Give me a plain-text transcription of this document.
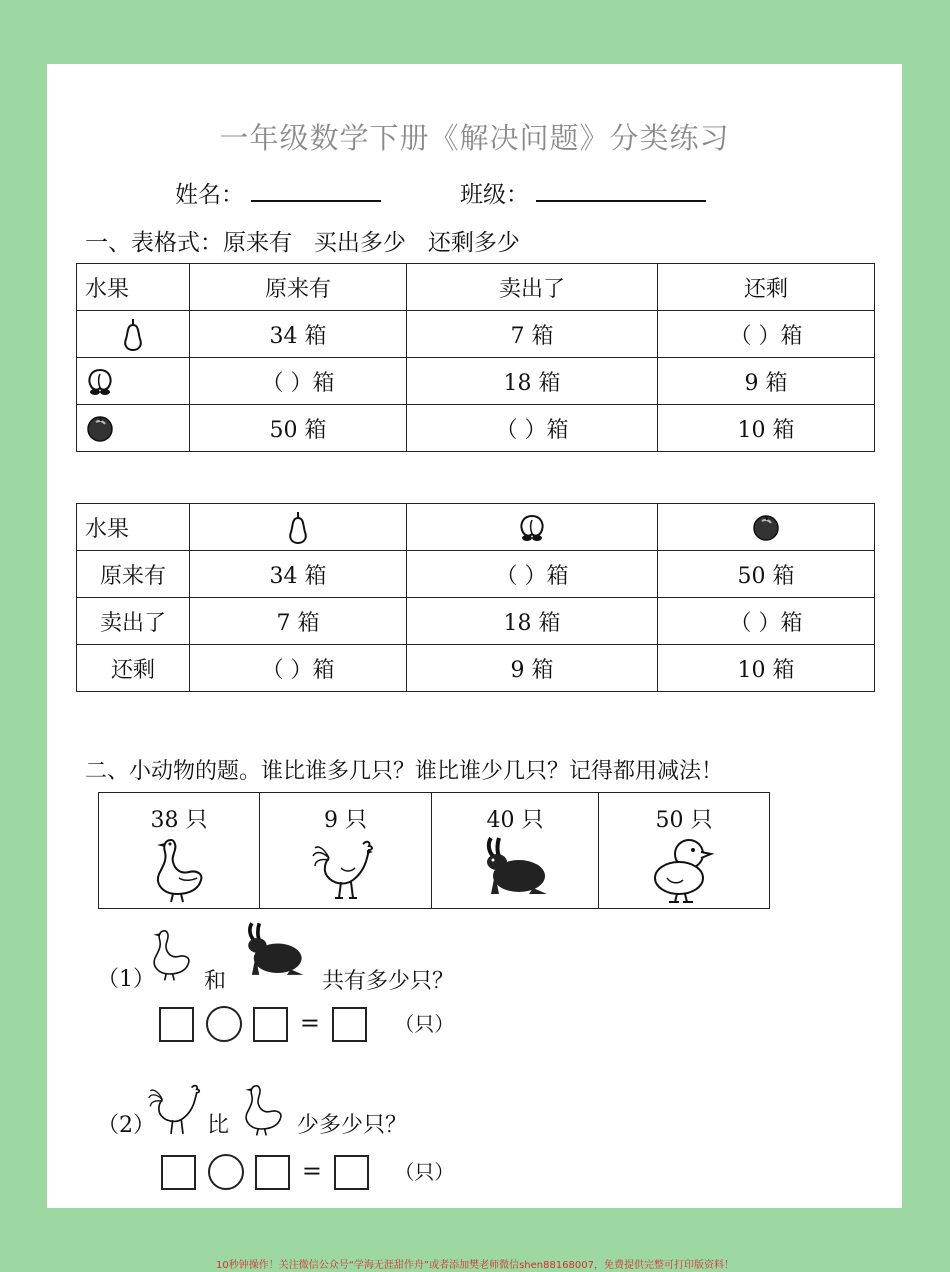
一年级数学下册《解决问题》分类练习
姓名：	班级：
一、表格式：原来有   买出多少   还剩多少
水果	原来有	卖出了	还剩
	34 箱	7 箱	（ ）箱
	（ ）箱	18 箱	9 箱
	50 箱	（ ）箱	10 箱
水果			
原来有	34 箱	（ ）箱	50 箱
卖出了	7 箱	18 箱	（ ）箱
还剩	（ ）箱	9 箱	10 箱
二、小动物的题。谁比谁多几只？谁比谁少几只？记得都用减法！
38 只	9 只	40 只	50 只
（1） 和	共有多少只？
=	（只）
（2） 比	少多少只？
=	（只）
10秒钟操作！关注微信公众号“学海无涯甜作舟”或者添加樊老师微信shen88168007，免费提供完整可打印版资料！
